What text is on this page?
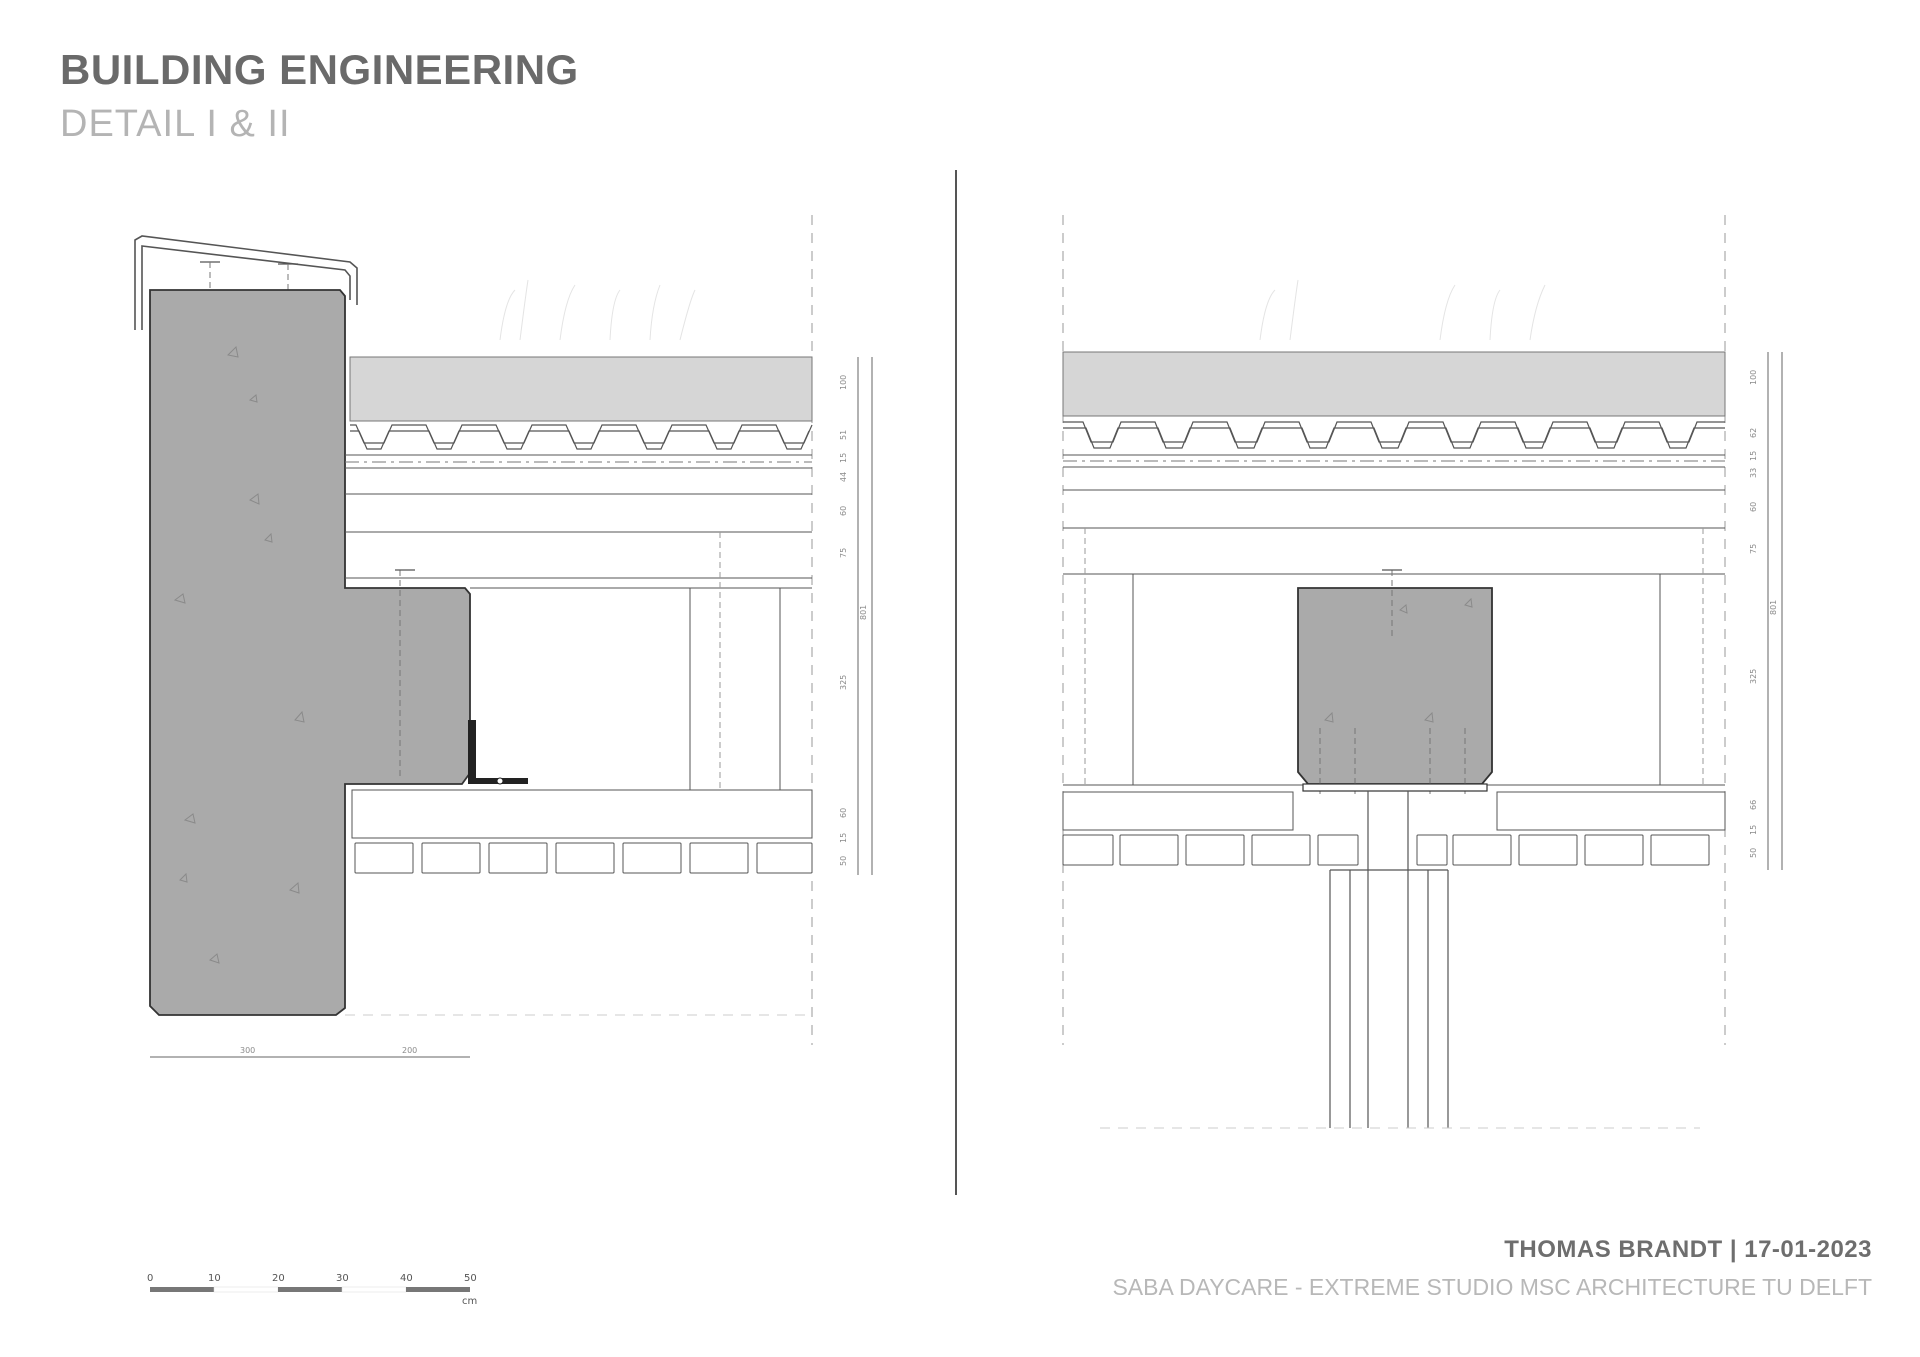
BUILDING ENGINEERING
DETAIL I & II
100
51
15
44
60
75
801
325
60
15
50
300	200
100
62
15
33
60
75
801
325
66
15
50
0	10	20	30	40	50
cm
THOMAS BRANDT | 17-01-2023
SABA DAYCARE - EXTREME STUDIO MSC ARCHITECTURE TU DELFT
